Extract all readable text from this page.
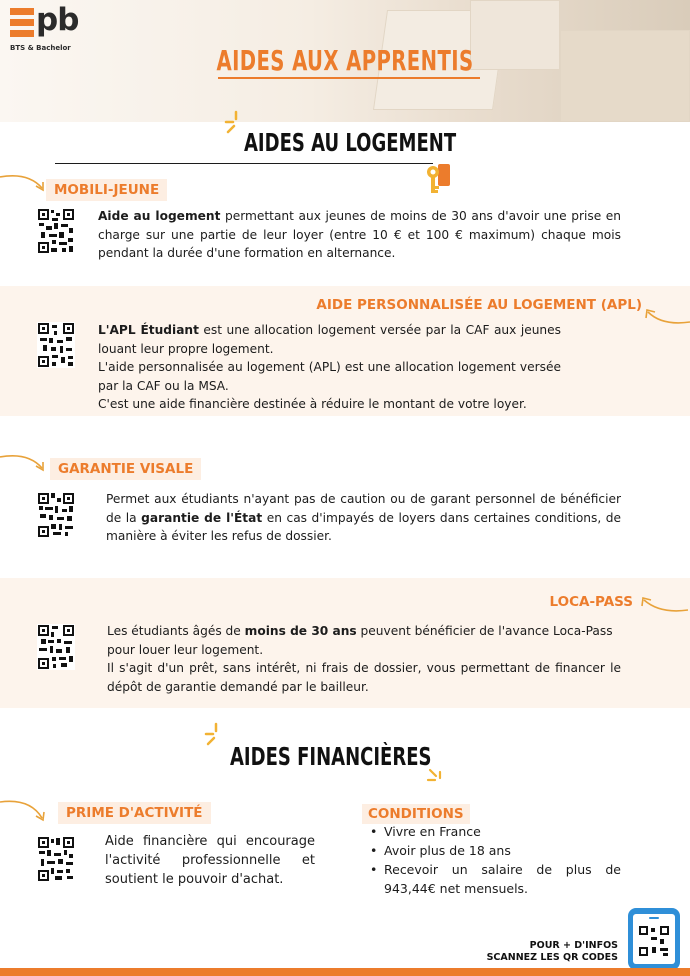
pb
BTS & Bachelor	AIDES AUX APPRENTIS
AIDES AU LOGEMENT
MOBILI-JEUNE

Aide au logement permettant aux jeunes de moins de 30 ans d'avoir une prise en charge sur une partie de leur loyer (entre 10 € et 100 € maximum) chaque mois pendant la durée d'une formation en alternance.

AIDE PERSONNALISÉE AU LOGEMENT (APL)

L'APL Étudiant est une allocation logement versée par la CAF aux jeunes louant leur propre logement.

L'aide personnalisée au logement (APL) est une allocation logement versée par la CAF ou la MSA.

C'est une aide financière destinée à réduire le montant de votre loyer.

GARANTIE VISALE

Permet aux étudiants n'ayant pas de caution ou de garant personnel de bénéficier de la garantie de l'État en cas d'impayés de loyers dans certaines conditions, de manière à éviter les refus de dossier.

LOCA-PASS

Les étudiants âgés de moins de 30 ans peuvent bénéficier de l'avance Loca-Pass pour louer leur logement.

Il s'agit d'un prêt, sans intérêt, ni frais de dossier, vous permettant de financer le dépôt de garantie demandé par le bailleur.

AIDES FINANCIÈRES
PRIME D'ACTIVITÉ

Aide financière qui encourage l'activité professionnelle et soutient le pouvoir d'achat.

CONDITIONS
• Vivre en France
• Avoir plus de 18 ans
• Recevoir un salaire de plus de 943,44€ net mensuels.
POUR + D'INFOS
SCANNEZ LES QR CODES
